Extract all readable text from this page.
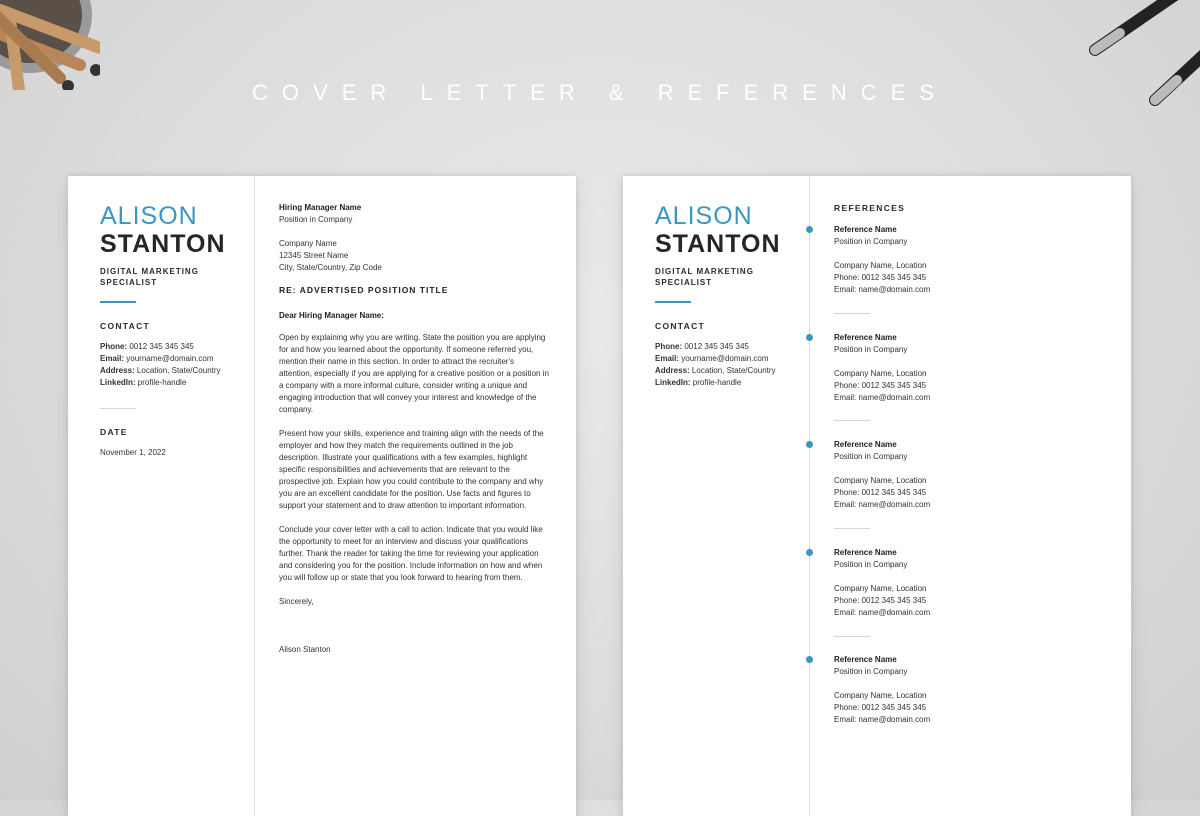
COVER LETTER & REFERENCES
ALISON
STANTON
DIGITAL MARKETING SPECIALIST
CONTACT
Phone: 0012 345 345 345
Email: yourname@domain.com
Address: Location, State/Country
LinkedIn: profile-handle
DATE
November 1, 2022
Hiring Manager Name
Position in Company
Company Name
12345 Street Name
City, State/Country, Zip Code
RE: ADVERTISED POSITION TITLE
Dear Hiring Manager Name:

Open by explaining why you are writing. State the position you are applying for and how you learned about the opportunity. If someone referred you, mention their name in this section. In order to attract the recruiter's attention, especially if you are applying for a creative position or a position in a company with a more informal culture, consider writing a unique and engaging introduction that will convey your interest and knowledge of the company.

Present how your skills, experience and training align with the needs of the employer and how they match the requirements outlined in the job description. Illustrate your qualifications with a few examples, highlight specific responsibilities and achievements that are relevant to the prospective job. Explain how you could contribute to the company and why you are an excellent candidate for the position. Use facts and figures to support your statement and to draw attention to important information.

Conclude your cover letter with a call to action. Indicate that you would like the opportunity to meet for an interview and discuss your qualifications further. Thank the reader for taking the time for reviewing your application and considering you for the position. Include information on how and when you will follow up or state that you look forward to hearing from them.

Sincerely,
Alison Stanton
ALISON
STANTON
DIGITAL MARKETING SPECIALIST
CONTACT
Phone: 0012 345 345 345
Email: yourname@domain.com
Address: Location, State/Country
LinkedIn: profile-handle
REFERENCES
Reference Name
Position in Company
Company Name, Location
Phone: 0012 345 345 345
Email: name@domain.com
Reference Name
Position in Company
Company Name, Location
Phone: 0012 345 345 345
Email: name@domain.com
Reference Name
Position in Company
Company Name, Location
Phone: 0012 345 345 345
Email: name@domain.com
Reference Name
Position in Company
Company Name, Location
Phone: 0012 345 345 345
Email: name@domain.com
Reference Name
Position in Company
Company Name, Location
Phone: 0012 345 345 345
Email: name@domain.com
